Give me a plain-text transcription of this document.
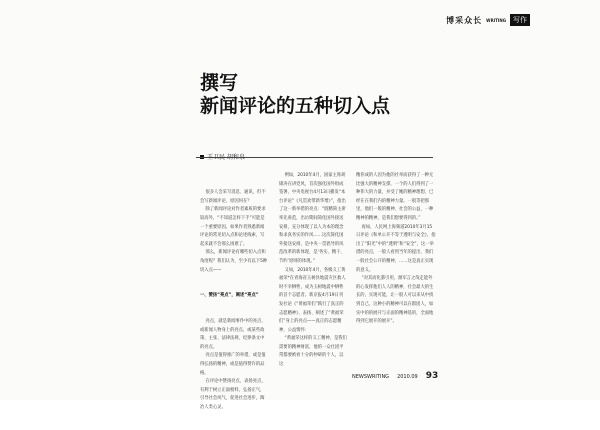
博采众长 WRITING	写作
撰写
新闻评论的五种切入点

很多人会采写消息、通讯，但不会写新闻评论，原因何在？
除了新闻评论对作者素质的要求较高外，“不知道怎样下手”可能是一个重要原因。如果作者熟悉新闻评论的常见切入点和论述线索，写起来就不会那么困难了。
那么，新闻评论有哪些切入点和角度呢？我们认为，至少有以下5种切入点——

一、赞扬“亮点”，阐述“亮点”

亮点，就是新闻事件中的亮点，或新闻人物身上的亮点，或某些政策、主张、法律法规、纪律条文中的亮点。
亮点是值得推广的举措，或是值得弘扬的精神，或是值得赞许的品格。
在评论中赞扬亮点，表扬亮点，有利于树立正面榜样，弘扬正气，引导社会风气，促进社会进步，陶冶人类心灵。

例如，2010年4月，国家主席胡锦涛在讲党风，首次强化国外组成签署，中央电视台4月13日播发“本台评论”《凡贯欢带新华增》”，指出了这一新举措的亮点：“既精简主席率先垂范，出访期间简化国外接送安排，充分体现了以人为本的理念和求真务实的作风……这次简化国外接送安排，是中央一贯倡导的风范改革的新体现，是‘务实、精干、节约’原则的体现。”
又如，2010年4月，各级义工黄福荣*在青海省玉树县地震灾区救人时不幸牺牲，成为玉树地震中牺牲的首个志愿者。新京报4月19日刊发社论《“黄福荣们”践行了真正的志愿精神》，表扬、阐述了“黄福荣们”身上的亮点——真正的志愿精神，公益情怀：
“黄福荣这样的义工精神，是我们需要的精神财富，他的一众社团平常都要被看十分的仲研的个人，以这
精你成的人因为他的社举而获得了一种无比强大的精神支撑，一个的人们得到了一种伟大的力量，并受了她的精神理想，已经在在我们内的精神力量。一般等把那里，他们一般的精神、社会的公益，一种精神的精神，是我们想要得到的。”
再如，人民网上海频道2010年3月15日评论《和单公开不等于透明与安全》，指出了“阳光”中的“透明”和“安全”，这一举措的亮点，一般人看到当年的提出，我们一般社会公开的精神，……这是真正实现的意义。
“对其而化都引用，源军言之哉走能外的心发挥他们人人的精神，社会最大的生长的，实现可能，让一般人可以来从中找到自己，这种小的精神可以在群团人，如实中的的展开与正面的精神基的，全面地得到它展开的展开”。
NEWSWRITING 2010.09 93
